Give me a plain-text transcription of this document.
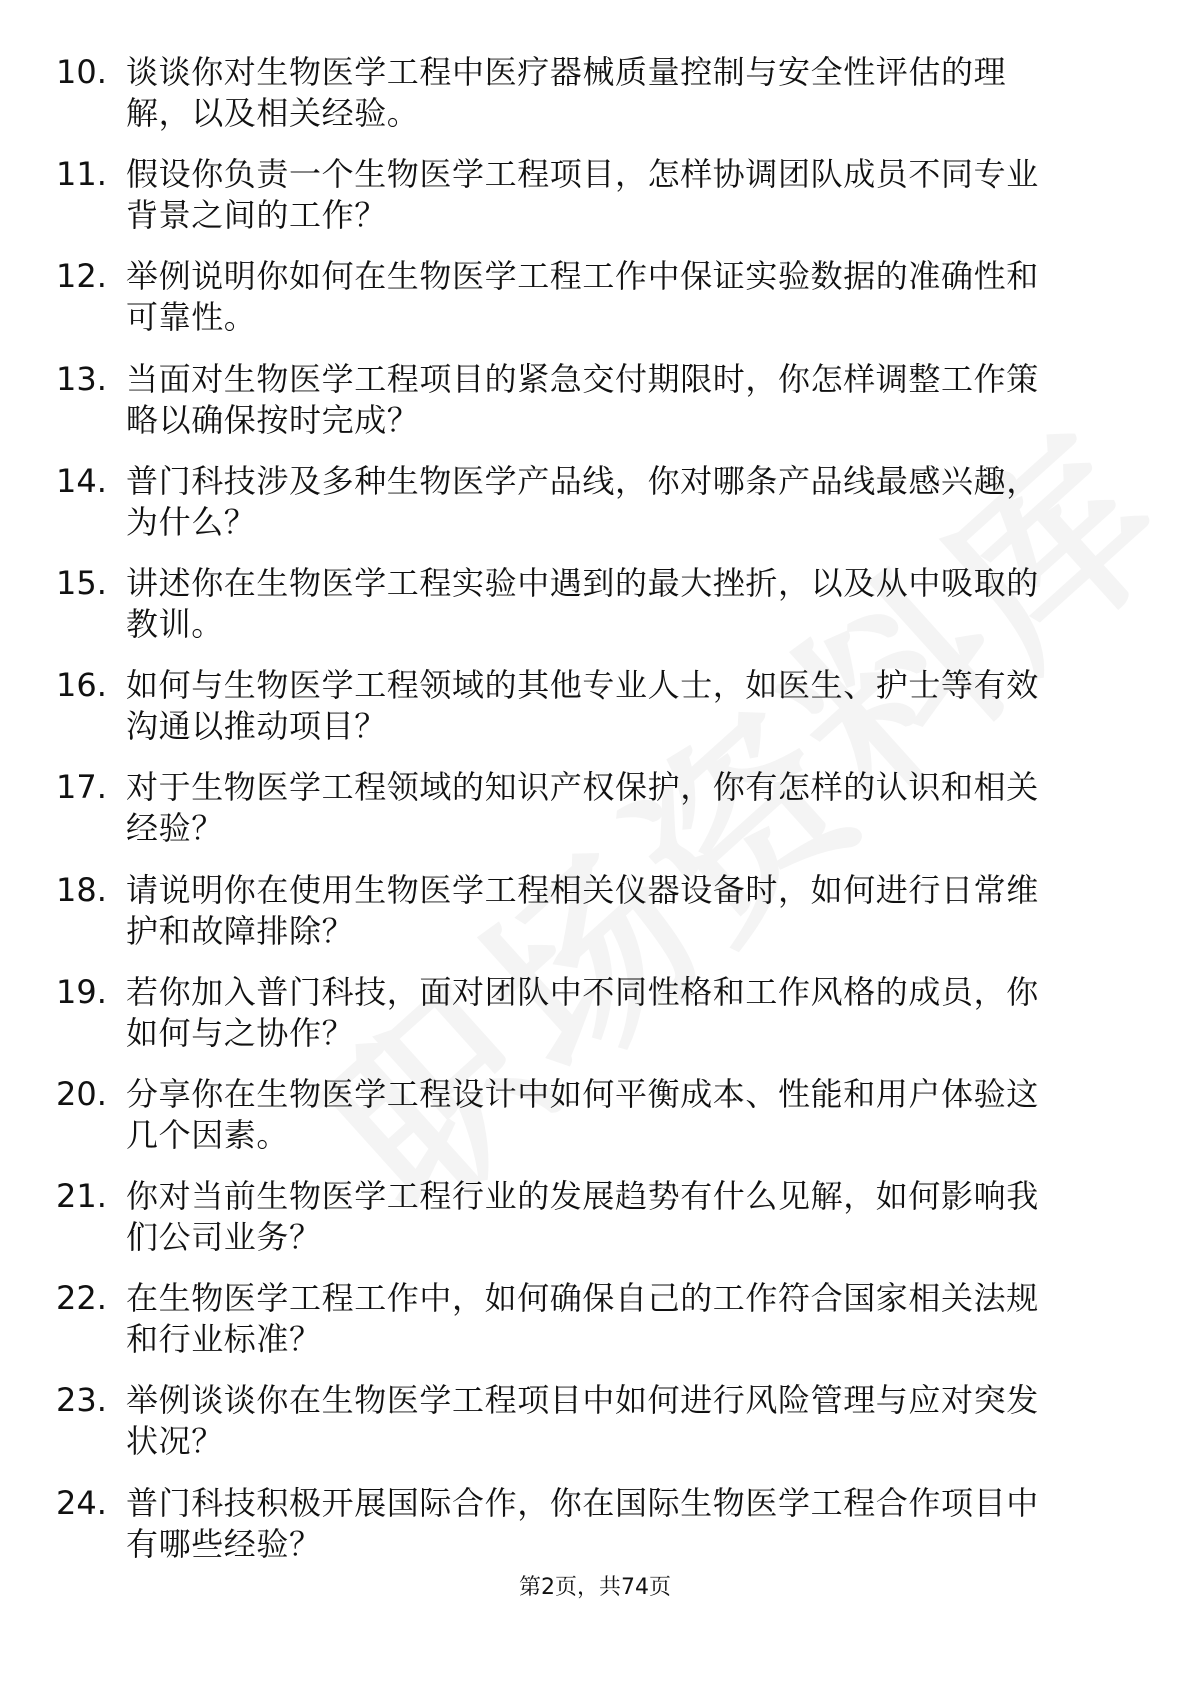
10. 谈谈你对生物医学工程中医疗器械质量控制与安全性评估的理
解，以及相关经验。
11. 假设你负责一个生物医学工程项目，怎样协调团队成员不同专业
背景之间的工作？
12. 举例说明你如何在生物医学工程工作中保证实验数据的准确性和
可靠性。
13. 当面对生物医学工程项目的紧急交付期限时，你怎样调整工作策
略以确保按时完成？
14. 普门科技涉及多种生物医学产品线，你对哪条产品线最感兴趣，
为什么？
15. 讲述你在生物医学工程实验中遇到的最大挫折，以及从中吸取的
教训。
16. 如何与生物医学工程领域的其他专业人士，如医生、护士等有效
沟通以推动项目？
17. 对于生物医学工程领域的知识产权保护，你有怎样的认识和相关
经验？
18. 请说明你在使用生物医学工程相关仪器设备时，如何进行日常维
护和故障排除？
19. 若你加入普门科技，面对团队中不同性格和工作风格的成员，你
如何与之协作？
20. 分享你在生物医学工程设计中如何平衡成本、性能和用户体验这
几个因素。
21. 你对当前生物医学工程行业的发展趋势有什么见解，如何影响我
们公司业务？
22. 在生物医学工程工作中，如何确保自己的工作符合国家相关法规
和行业标准？
23. 举例谈谈你在生物医学工程项目中如何进行风险管理与应对突发
状况？
24. 普门科技积极开展国际合作，你在国际生物医学工程合作项目中
有哪些经验？
第2页，共74页
